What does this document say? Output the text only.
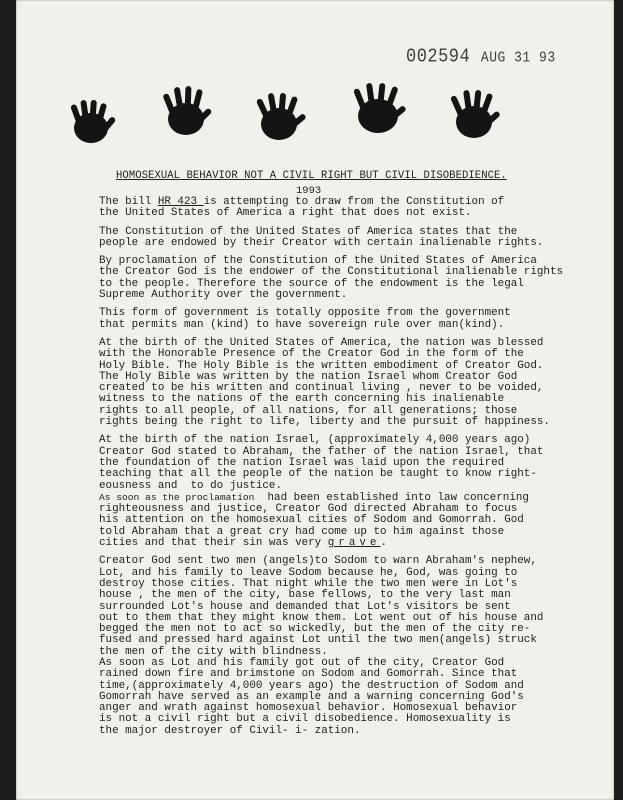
002594 AUG 31 93
HOMOSEXUAL BEHAVIOR NOT A CIVIL RIGHT BUT CIVIL DISOBEDIENCE.
1993

The bill HR 423 is attempting to draw from the Constitution of
the United States of America a right that does not exist.

The Constitution of the United States of America states that the
people are endowed by their Creator with certain inalienable rights.

By proclamation of the Constitution of the United States of America
the Creator God is the endower of the Constitutional inalienable rights
to the people. Therefore the source of the endowment is the legal
Supreme Authority over the government.

This form of government is totally opposite from the government
that permits man (kind) to have sovereign rule over man(kind).

At the birth of the United States of America, the nation was blessed
with the Honorable Presence of the Creator God in the form of the
Holy Bible. The Holy Bible is the written embodiment of Creator God.
The Holy Bible was written by the nation Israel whom Creator God
created to be his written and continual living , never to be voided,
witness to the nations of the earth concerning his inalienable
rights to all people, of all nations, for all generations; those
rights being the right to life, liberty and the pursuit of happiness.

At the birth of the nation Israel, (approximately 4,000 years ago)
Creator God stated to Abraham, the father of the nation Israel, that
the foundation of the nation Israel was laid upon the required
teaching that all the people of the nation be taught to know right-
eousness and  to do justice.
As soon as the proclamation  had been established into law concerning
righteousness and justice, Creator God directed Abraham to focus
his attention on the homosexual cities of Sodom and Gomorrah. God
told Abraham that a great cry had come up to him against those
cities and that their sin was very grave.

Creator God sent two men (angels)to Sodom to warn Abraham's nephew,
Lot, and his family to leave Sodom because he, God, was going to
destroy those cities. That night while the two men were in Lot's
house , the men of the city, base fellows, to the very last man
surrounded Lot's house and demanded that Lot's visitors be sent
out to them that they might know them. Lot went out of his house and
begged the men not to act so wickedly, but the men of the city re-
fused and pressed hard against Lot until the two men(angels) struck
the men of the city with blindness.

As soon as Lot and his family got out of the city, Creator God
rained down fire and brimstone on Sodom and Gomorrah. Since that
time,(approximately 4,000 years ago) the destruction of Sodom and
Gomorrah have served as an example and a warning concerning God's
anger and wrath against homosexual behavior. Homosexual behavior
is not a civil right but a civil disobedience. Homosexuality is
the major destroyer of Civil- i- zation.
